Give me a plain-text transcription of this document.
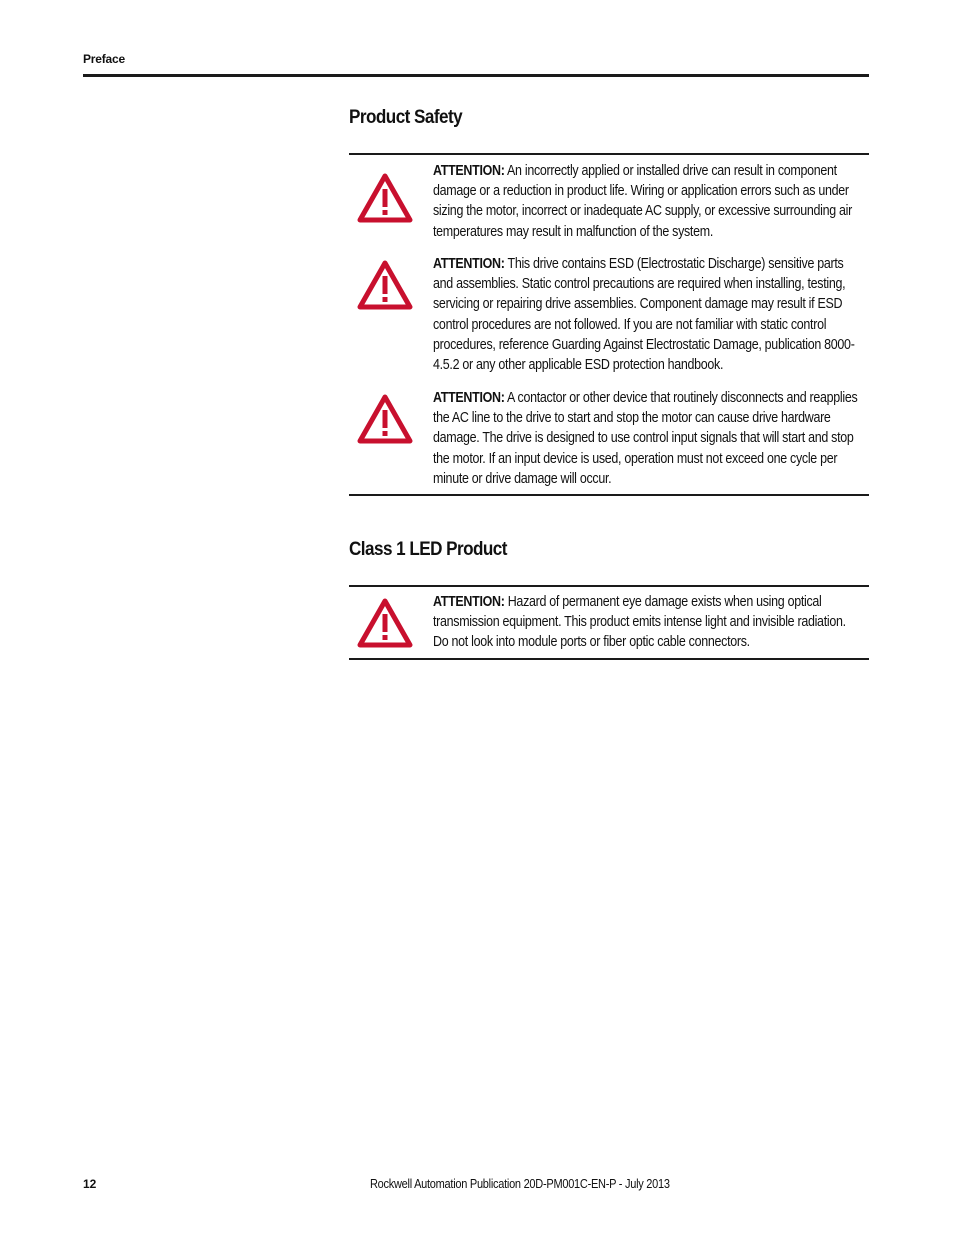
Preface
Product Safety

ATTENTION: An incorrectly applied or installed drive can result in component damage or a reduction in product life. Wiring or application errors such as under sizing the motor, incorrect or inadequate AC supply, or excessive surrounding air temperatures may result in malfunction of the system.

ATTENTION: This drive contains ESD (Electrostatic Discharge) sensitive parts and assemblies. Static control precautions are required when installing, testing, servicing or repairing drive assemblies. Component damage may result if ESD control procedures are not followed. If you are not familiar with static control procedures, reference Guarding Against Electrostatic Damage, publication 8000-4.5.2 or any other applicable ESD protection handbook.

ATTENTION: A contactor or other device that routinely disconnects and reapplies the AC line to the drive to start and stop the motor can cause drive hardware damage. The drive is designed to use control input signals that will start and stop the motor. If an input device is used, operation must not exceed one cycle per minute or drive damage will occur.

Class 1 LED Product

ATTENTION: Hazard of permanent eye damage exists when using optical transmission equipment. This product emits intense light and invisible radiation. Do not look into module ports or fiber optic cable connectors.

12	Rockwell Automation Publication 20D-PM001C-EN-P - July 2013
